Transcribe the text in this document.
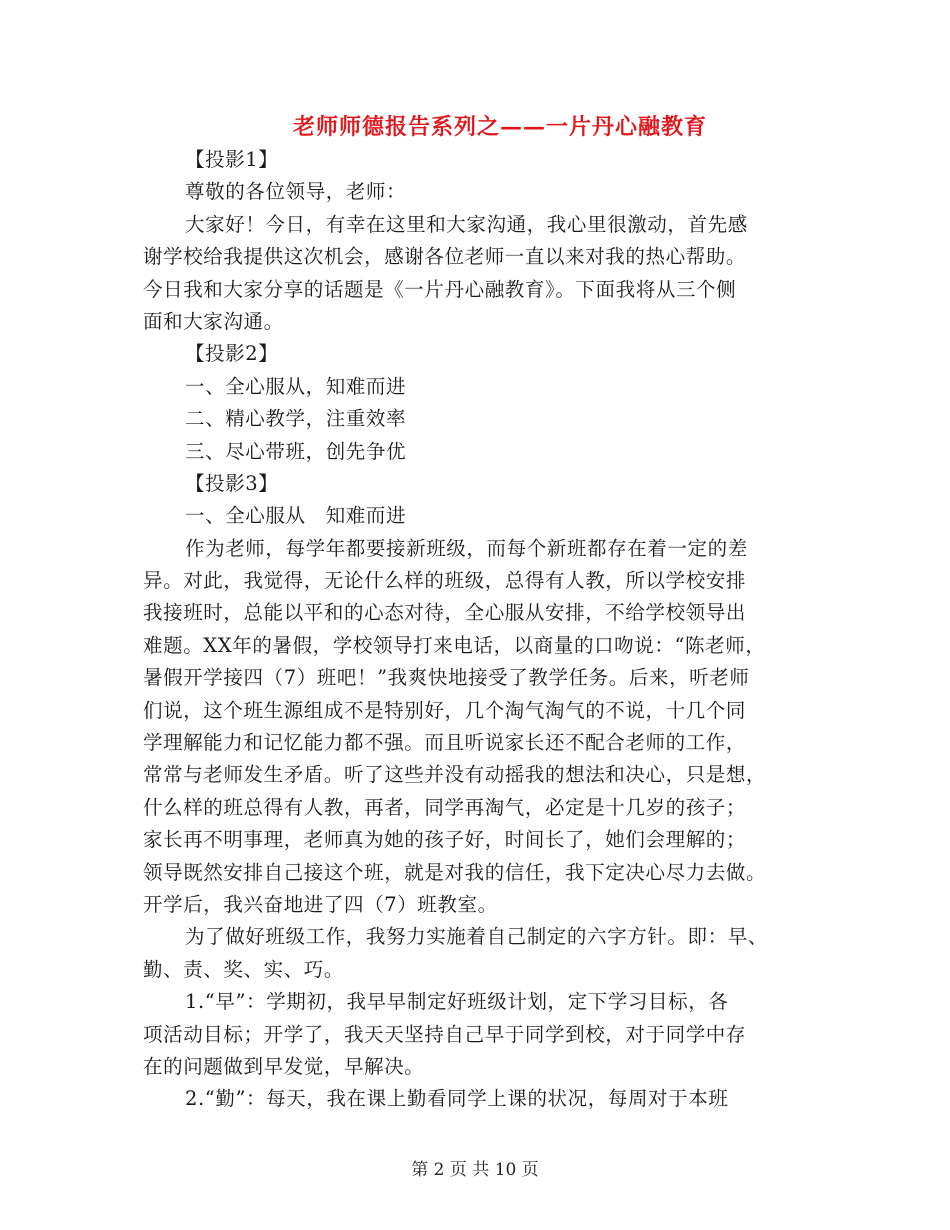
老师师德报告系列之——一片丹心融教育
【投影1】
尊敬的各位领导，老师：
大家好！今日，有幸在这里和大家沟通，我心里很激动，首先感
谢学校给我提供这次机会，感谢各位老师一直以来对我的热心帮助。
今日我和大家分享的话题是《一片丹心融教育》。下面我将从三个侧
面和大家沟通。
【投影2】
一、全心服从，知难而进
二、精心教学，注重效率
三、尽心带班，创先争优
【投影3】
一、全心服从　知难而进
作为老师，每学年都要接新班级，而每个新班都存在着一定的差
异。对此，我觉得，无论什么样的班级，总得有人教，所以学校安排
我接班时，总能以平和的心态对待，全心服从安排，不给学校领导出
难题。XX年的暑假，学校领导打来电话，以商量的口吻说：“陈老师，
暑假开学接四（7）班吧！”我爽快地接受了教学任务。后来，听老师
们说，这个班生源组成不是特别好，几个淘气淘气的不说，十几个同
学理解能力和记忆能力都不强。而且听说家长还不配合老师的工作，
常常与老师发生矛盾。听了这些并没有动摇我的想法和决心，只是想，
什么样的班总得有人教，再者，同学再淘气，必定是十几岁的孩子；
家长再不明事理，老师真为她的孩子好，时间长了，她们会理解的；
领导既然安排自己接这个班，就是对我的信任，我下定决心尽力去做。
开学后，我兴奋地进了四（7）班教室。
为了做好班级工作，我努力实施着自己制定的六字方针。即：早、
勤、责、奖、实、巧。
1.“早”：学期初，我早早制定好班级计划，定下学习目标，各
项活动目标；开学了，我天天坚持自己早于同学到校，对于同学中存
在的问题做到早发觉，早解决。
2.“勤”：每天，我在课上勤看同学上课的状况，每周对于本班
第 2 页 共 10 页
